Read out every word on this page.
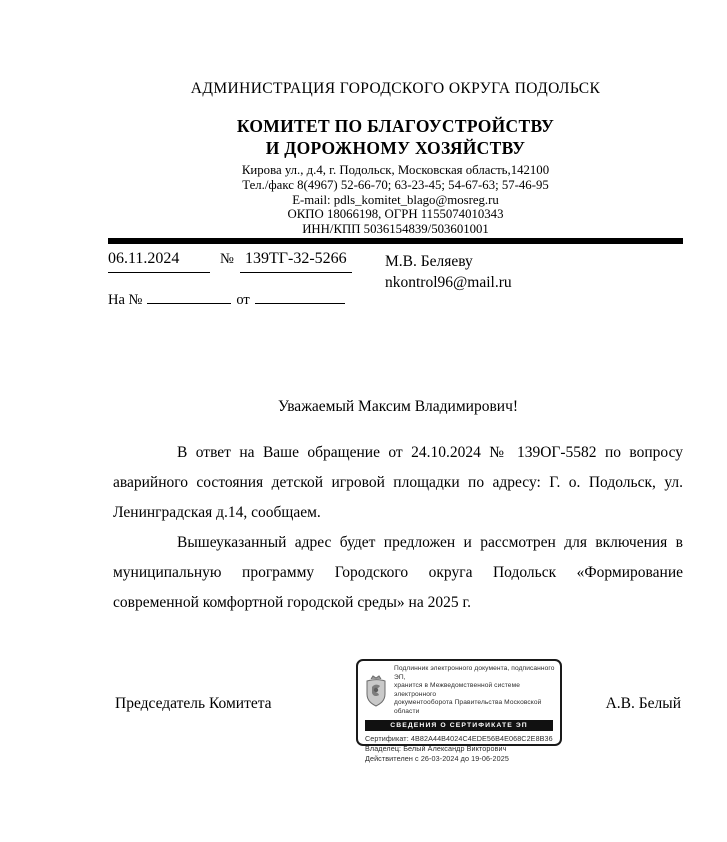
АДМИНИСТРАЦИЯ ГОРОДСКОГО ОКРУГА ПОДОЛЬСК
КОМИТЕТ ПО БЛАГОУСТРОЙСТВУ
И ДОРОЖНОМУ ХОЗЯЙСТВУ
Кирова ул., д.4, г. Подольск, Московская область,142100
Тел./факс 8(4967) 52-66-70; 63-23-45; 54-67-63; 57-46-95
E-mail: pdls_komitet_blago@mosreg.ru
ОКПО 18066198, ОГРН 1155074010343
ИНН/КПП 5036154839/503601001
06.11.2024	№ 139ТГ-32-5266
На №	от
М.В. Беляеву
nkontrol96@mail.ru
Уважаемый Максим Владимирович!

В ответ на Ваше обращение от 24.10.2024 № 139ОГ-5582 по вопросу аварийного состояния детской игровой площадки по адресу: Г. о. Подольск, ул. Ленинградская д.14, сообщаем.

Вышеуказанный адрес будет предложен и рассмотрен для включения в муниципальную программу Городского округа Подольск «Формирование современной комфортной городской среды» на 2025 г.

Председатель Комитета	А.В. Белый
Подлинник электронного документа, подписанного ЭП,
хранится в Межведомственной системе электронного
документооборота Правительства Московской области
СВЕДЕНИЯ О СЕРТИФИКАТЕ ЭП
Сертификат: 4B82A44B4024C4EDE56B4E068C2E8B36
Владелец: Белый Александр Викторович
Действителен с 26-03-2024 до 19-06-2025
